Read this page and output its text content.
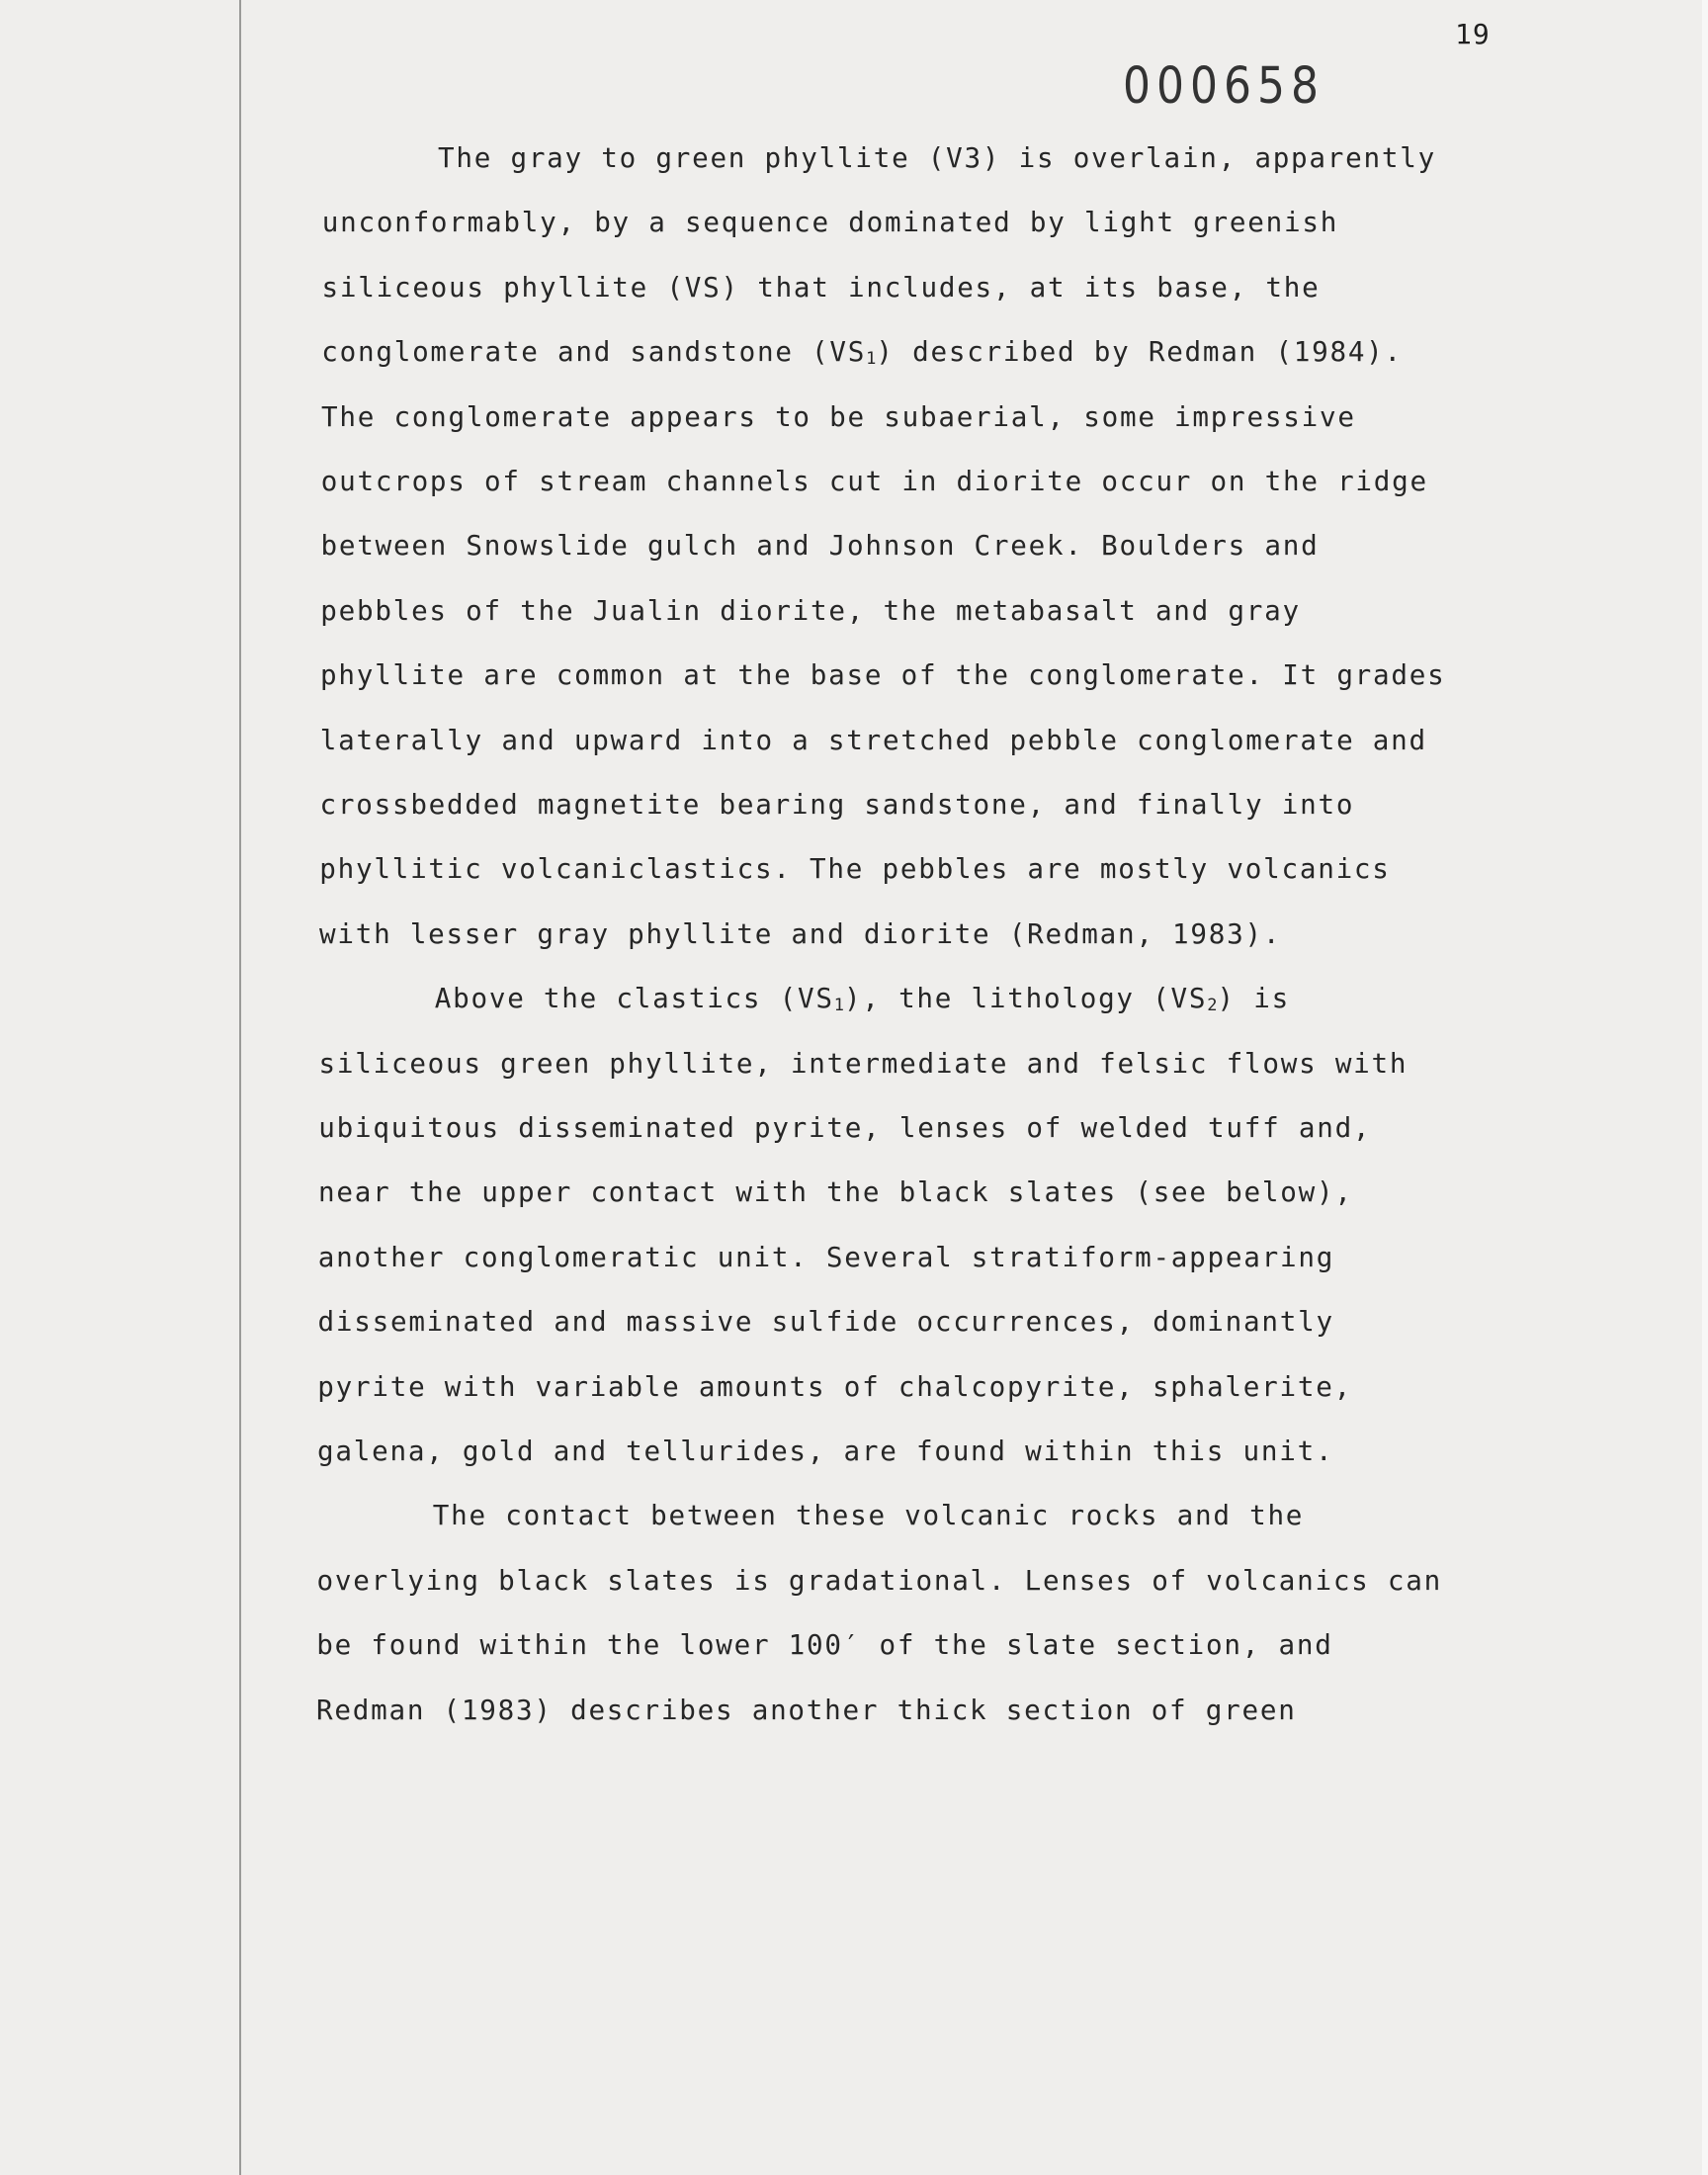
19
000658
The gray to green phyllite (V3) is overlain, apparently
unconformably, by a sequence dominated by light greenish
siliceous phyllite (VS) that includes, at its base, the
conglomerate and sandstone $(VS_1)$ described by Redman (1984).
The conglomerate appears to be subaerial, some impressive
outcrops of stream channels cut in diorite occur on the ridge
between Snowslide gulch and Johnson Creek. Boulders and
pebbles of the Jualin diorite, the metabasalt and gray
phyllite are common at the base of the conglomerate. It grades
laterally and upward into a stretched pebble conglomerate and
crossbedded magnetite bearing sandstone, and finally into
phyllitic volcaniclastics. The pebbles are mostly volcanics
with lesser gray phyllite and diorite (Redman, 1983).
Above the clastics $(VS_1)$, the lithology $(VS_2)$ is
siliceous green phyllite, intermediate and felsic flows with
ubiquitous disseminated pyrite, lenses of welded tuff and,
near the upper contact with the black slates (see below),
another conglomeratic unit. Several stratiform-appearing
disseminated and massive sulfide occurrences, dominantly
pyrite with variable amounts of chalcopyrite, sphalerite,
galena, gold and tellurides, are found within this unit.
The contact between these volcanic rocks and the
overlying black slates is gradational. Lenses of volcanics can
be found within the lower 100′ of the slate section, and
Redman (1983) describes another thick section of green
